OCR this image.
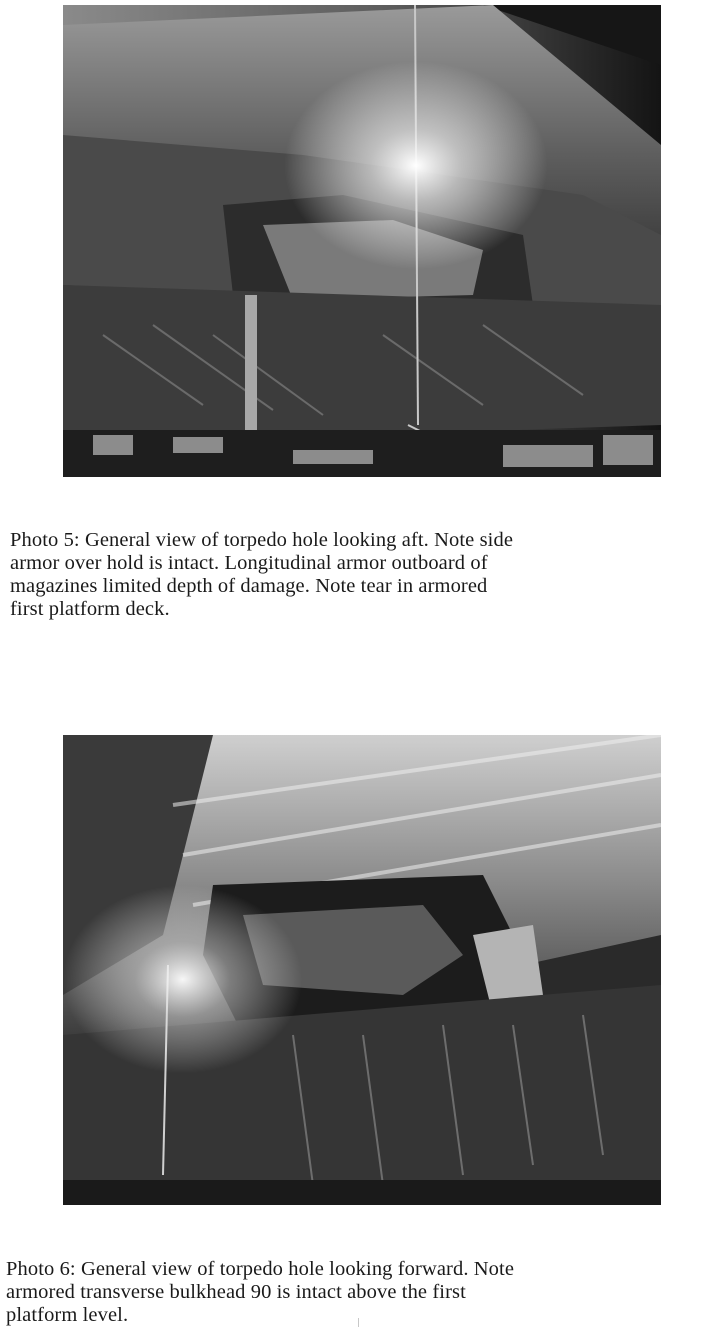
Photo 5: General view of torpedo hole looking aft. Note side
armor over hold is intact. Longitudinal armor outboard of
magazines limited depth of damage. Note tear in armored
first platform deck.

Photo 6: General view of torpedo hole looking forward. Note
armored transverse bulkhead 90 is intact above the first
platform level.
